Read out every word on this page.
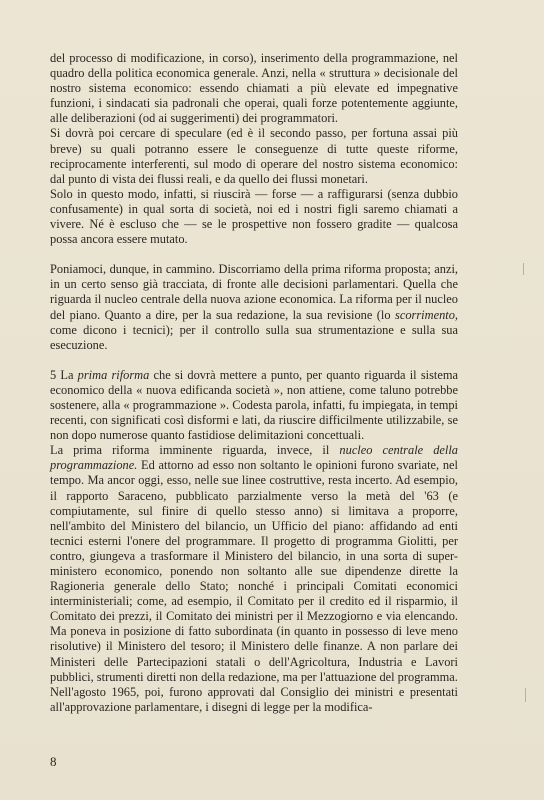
del processo di modificazione, in corso), inserimento della programmazione, nel quadro della politica economica generale. Anzi, nella « struttura » decisionale del nostro sistema economico: essendo chiamati a più elevate ed impegnative funzioni, i sindacati sia padronali che operai, quali forze potentemente aggiunte, alle deliberazioni (od ai suggerimenti) dei programmatori.

Si dovrà poi cercare di speculare (ed è il secondo passo, per fortuna assai più breve) su quali potranno essere le conseguenze di tutte queste riforme, reciprocamente interferenti, sul modo di operare del nostro sistema economico: dal punto di vista dei flussi reali, e da quello dei flussi monetari.

Solo in questo modo, infatti, si riuscirà — forse — a raffigurarsi (senza dubbio confusamente) in qual sorta di società, noi ed i nostri figli saremo chiamati a vivere. Né è escluso che — se le prospettive non fossero gradite — qualcosa possa ancora essere mutato.

Poniamoci, dunque, in cammino. Discorriamo della prima riforma proposta; anzi, in un certo senso già tracciata, di fronte alle decisioni parlamentari. Quella che riguarda il nucleo centrale della nuova azione economica. La riforma per il nucleo del piano. Quanto a dire, per la sua redazione, la sua revisione (lo scorrimento, come dicono i tecnici); per il controllo sulla sua strumentazione e sulla sua esecuzione.

5 La prima riforma che si dovrà mettere a punto, per quanto riguarda il sistema economico della « nuova edificanda società », non attiene, come taluno potrebbe sostenere, alla « programmazione ». Codesta parola, infatti, fu impiegata, in tempi recenti, con significati così disformi e lati, da riuscire difficilmente utilizzabile, se non dopo numerose quanto fastidiose delimitazioni concettuali.

La prima riforma imminente riguarda, invece, il nucleo centrale della programmazione. Ed attorno ad esso non soltanto le opinioni furono svariate, nel tempo. Ma ancor oggi, esso, nelle sue linee costruttive, resta incerto. Ad esempio, il rapporto Saraceno, pubblicato parzialmente verso la metà del '63 (e compiutamente, sul finire di quello stesso anno) si limitava a proporre, nell'ambito del Ministero del bilancio, un Ufficio del piano: affidando ad enti tecnici esterni l'onere del programmare. Il progetto di programma Giolitti, per contro, giungeva a trasformare il Ministero del bilancio, in una sorta di super-ministero economico, ponendo non soltanto alle sue dipendenze dirette la Ragioneria generale dello Stato; nonché i principali Comitati economici interministeriali; come, ad esempio, il Comitato per il credito ed il risparmio, il Comitato dei prezzi, il Comitato dei ministri per il Mezzogiorno e via elencando. Ma poneva in posizione di fatto subordinata (in quanto in possesso di leve meno risolutive) il Ministero del tesoro; il Ministero delle finanze. A non parlare dei Ministeri delle Partecipazioni statali o dell'Agricoltura, Industria e Lavori pubblici, strumenti diretti non della redazione, ma per l'attuazione del programma.

Nell'agosto 1965, poi, furono approvati dal Consiglio dei ministri e presentati all'approvazione parlamentare, i disegni di legge per la modifica-

8
